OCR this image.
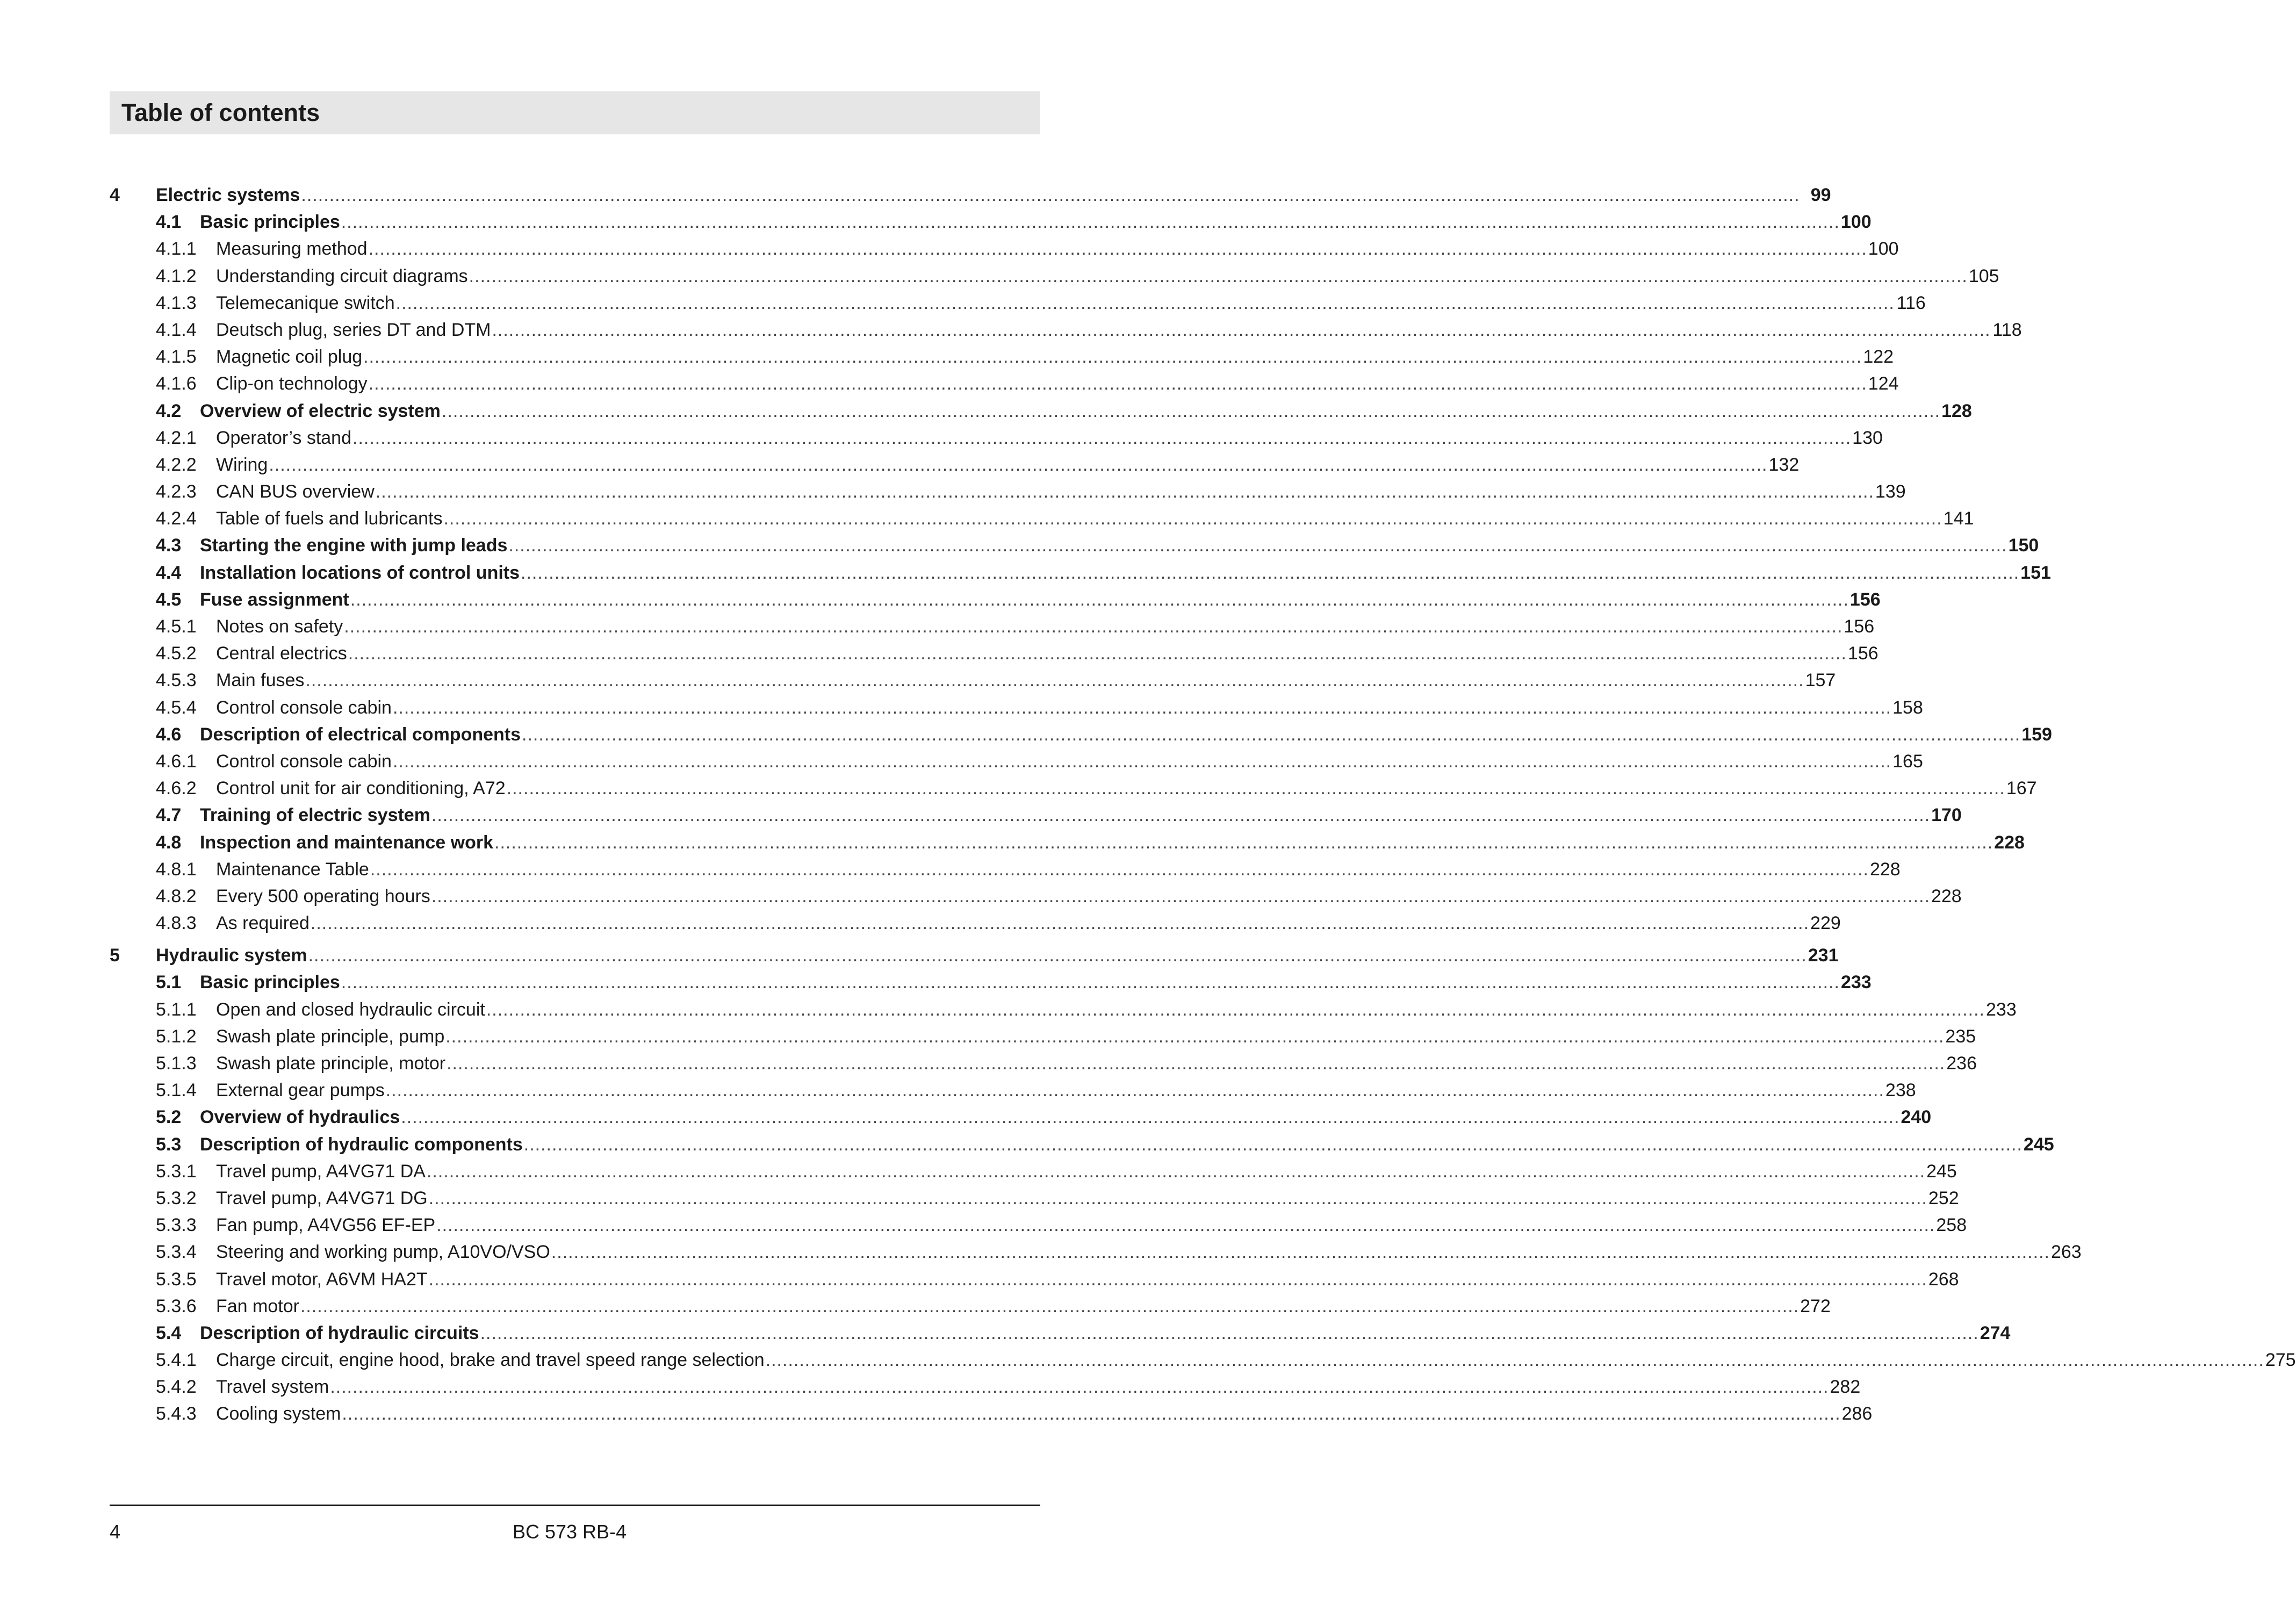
Table of contents
4	Electric systems .....	99
4.1	Basic principles .....	100
4.1.1	Measuring method .....	100
4.1.2	Understanding circuit diagrams .....	105
4.1.3	Telemecanique switch .....	116
4.1.4	Deutsch plug, series DT and DTM .....	118
4.1.5	Magnetic coil plug .....	122
4.1.6	Clip-on technology .....	124
4.2	Overview of electric system .....	128
4.2.1	Operator’s stand .....	130
4.2.2	Wiring .....	132
4.2.3	CAN BUS overview .....	139
4.2.4	Table of fuels and lubricants .....	141
4.3	Starting the engine with jump leads .....	150
4.4	Installation locations of control units .....	151
4.5	Fuse assignment .....	156
4.5.1	Notes on safety .....	156
4.5.2	Central electrics .....	156
4.5.3	Main fuses .....	157
4.5.4	Control console cabin .....	158
4.6	Description of electrical components .....	159
4.6.1	Control console cabin .....	165
4.6.2	Control unit for air conditioning, A72 .....	167
4.7	Training of electric system .....	170
4.8	Inspection and maintenance work .....	228
4.8.1	Maintenance Table .....	228
4.8.2	Every 500 operating hours .....	228
4.8.3	As required .....	229
5	Hydraulic system .....	231
5.1	Basic principles .....	233
5.1.1	Open and closed hydraulic circuit .....	233
5.1.2	Swash plate principle, pump .....	235
5.1.3	Swash plate principle, motor .....	236
5.1.4	External gear pumps .....	238
5.2	Overview of hydraulics .....	240
5.3	Description of hydraulic components .....	245
5.3.1	Travel pump, A4VG71 DA .....	245
5.3.2	Travel pump, A4VG71 DG .....	252
5.3.3	Fan pump, A4VG56 EF-EP .....	258
5.3.4	Steering and working pump, A10VO/VSO .....	263
5.3.5	Travel motor, A6VM HA2T .....	268
5.3.6	Fan motor .....	272
5.4	Description of hydraulic circuits .....	274
5.4.1	Charge circuit, engine hood, brake and travel speed range selection .....	275
5.4.2	Travel system .....	282
5.4.3	Cooling system .....	286
4	BC 573 RB-4
